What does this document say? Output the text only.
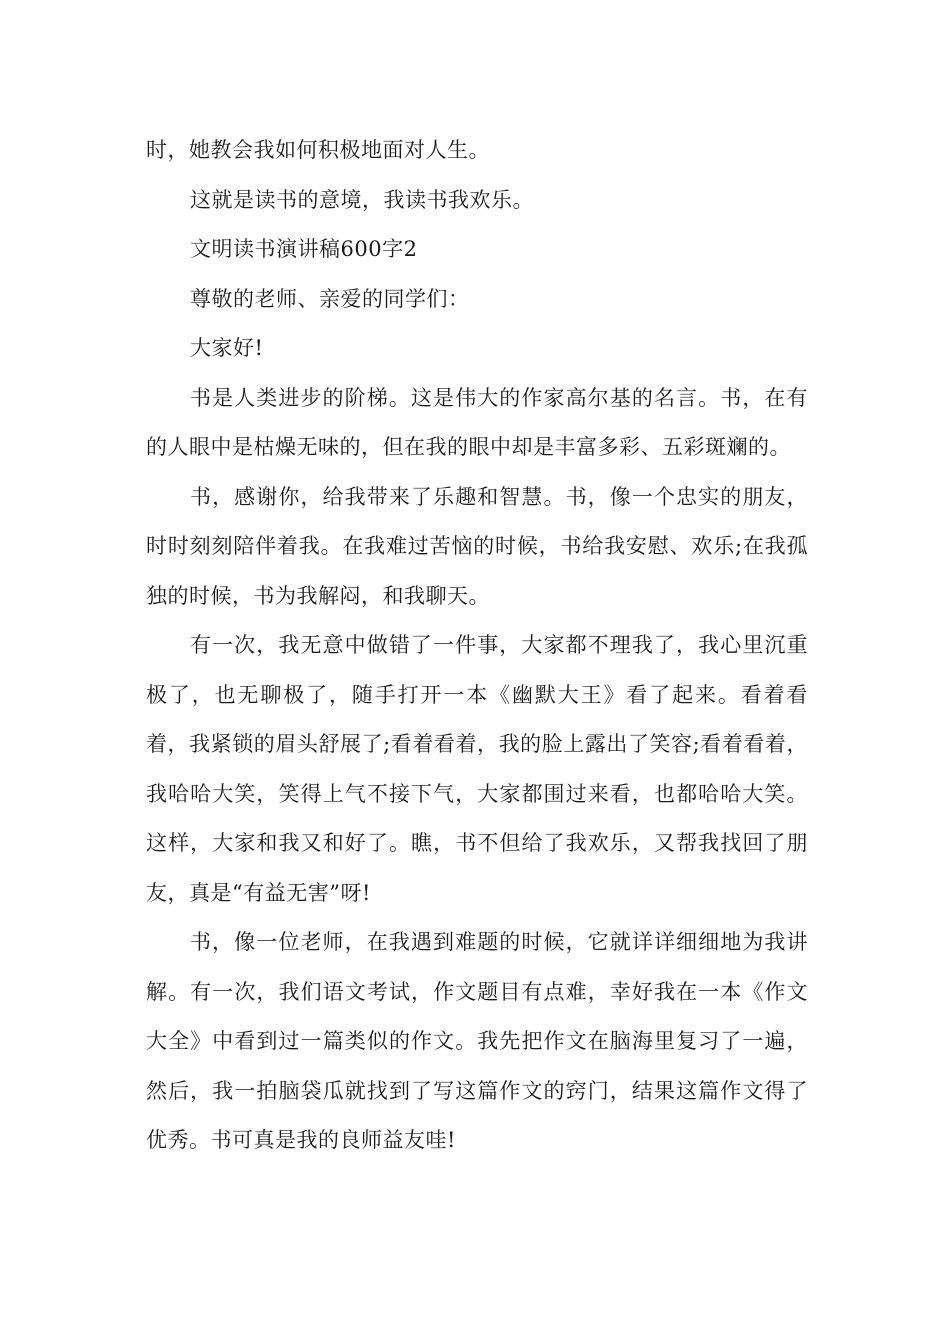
时，她教会我如何积极地面对人生。

这就是读书的意境，我读书我欢乐。

文明读书演讲稿600字2

尊敬的老师、亲爱的同学们：

大家好!

书是人类进步的阶梯。这是伟大的作家高尔基的名言。书，在有的人眼中是枯燥无味的，但在我的眼中却是丰富多彩、五彩斑斓的。

书，感谢你，给我带来了乐趣和智慧。书，像一个忠实的朋友，时时刻刻陪伴着我。在我难过苦恼的时候，书给我安慰、欢乐;在我孤独的时候，书为我解闷，和我聊天。

有一次，我无意中做错了一件事，大家都不理我了，我心里沉重极了，也无聊极了，随手打开一本《幽默大王》看了起来。看着看着，我紧锁的眉头舒展了;看着看着，我的脸上露出了笑容;看着看着，我哈哈大笑，笑得上气不接下气，大家都围过来看，也都哈哈大笑。这样，大家和我又和好了。瞧，书不但给了我欢乐，又帮我找回了朋友，真是“有益无害”呀!

书，像一位老师，在我遇到难题的时候，它就详详细细地为我讲解。有一次，我们语文考试，作文题目有点难，幸好我在一本《作文大全》中看到过一篇类似的作文。我先把作文在脑海里复习了一遍，然后，我一拍脑袋瓜就找到了写这篇作文的窍门，结果这篇作文得了优秀。书可真是我的良师益友哇!
